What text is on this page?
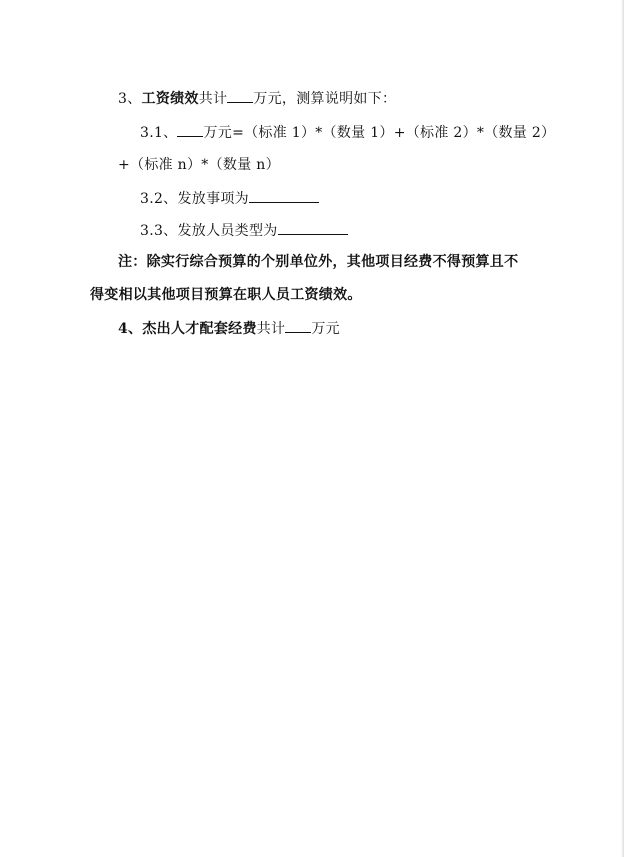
3、工资绩效共计 万元，测算说明如下：
3.1、 万元=（标准 1）*（数量 1）+（标准 2）*（数量 2）
+（标准 n）*（数量 n）
3.2、发放事项为
3.3、发放人员类型为
注：除实行综合预算的个别单位外，其他项目经费不得预算且不
得变相以其他项目预算在职人员工资绩效。
4、杰出人才配套经费共计 万元
